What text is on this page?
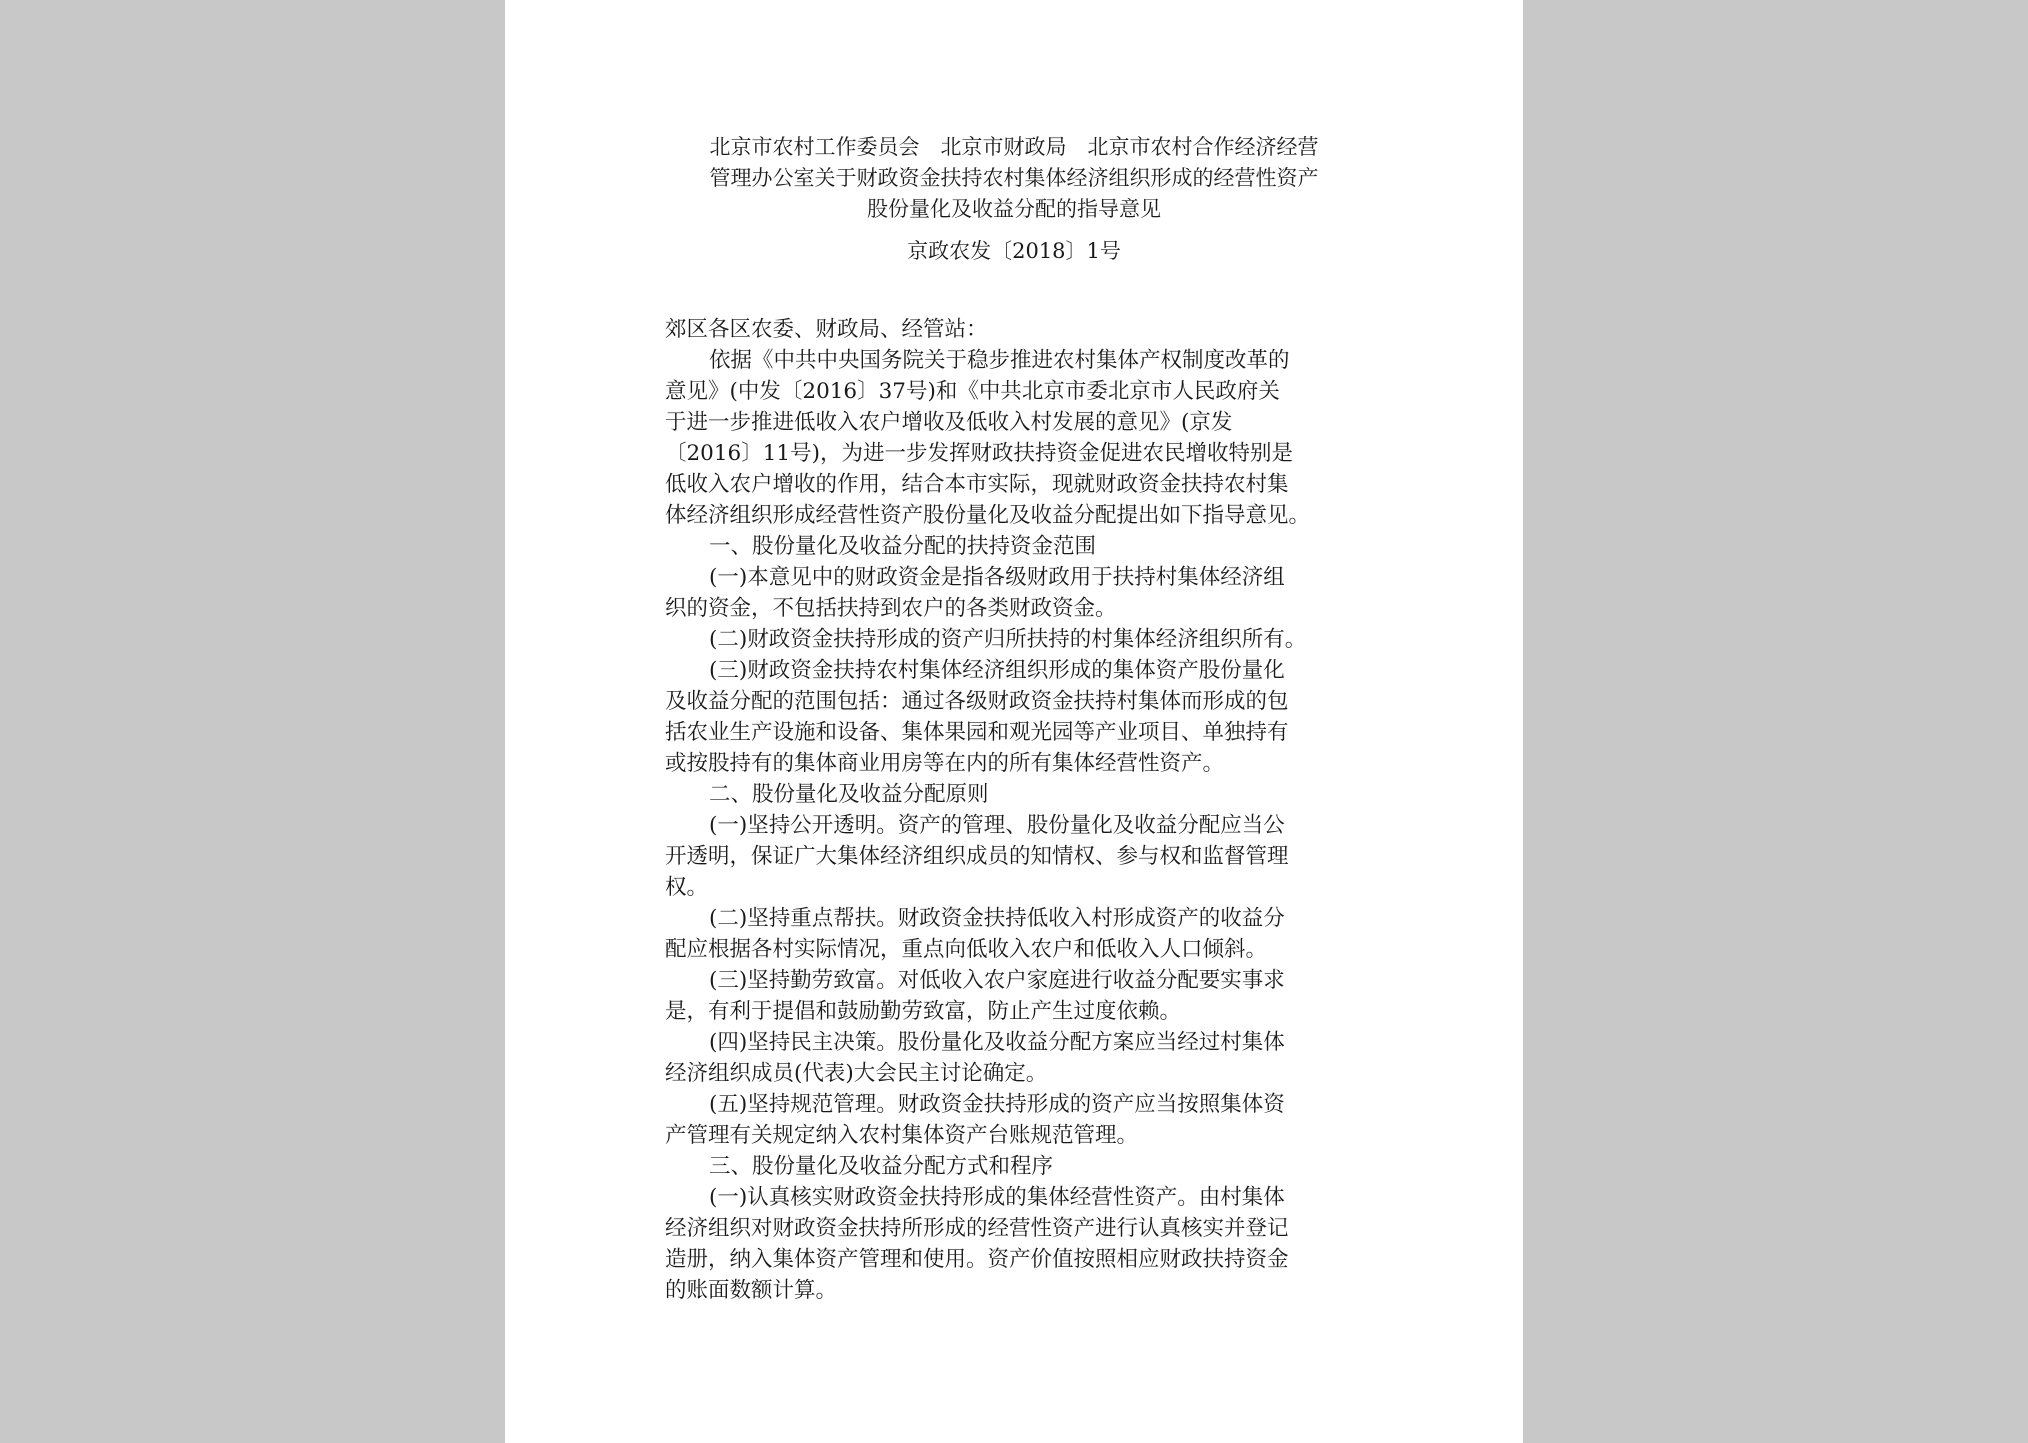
北京市农村工作委员会　北京市财政局　北京市农村合作经济经营
管理办公室关于财政资金扶持农村集体经济组织形成的经营性资产
股份量化及收益分配的指导意见
京政农发〔2018〕1号
郊区各区农委、财政局、经管站：
依据《中共中央国务院关于稳步推进农村集体产权制度改革的
意见》(中发〔2016〕37号)和《中共北京市委北京市人民政府关
于进一步推进低收入农户增收及低收入村发展的意见》(京发
〔2016〕11号)，为进一步发挥财政扶持资金促进农民增收特别是
低收入农户增收的作用，结合本市实际，现就财政资金扶持农村集
体经济组织形成经营性资产股份量化及收益分配提出如下指导意见。
一、股份量化及收益分配的扶持资金范围
(一)本意见中的财政资金是指各级财政用于扶持村集体经济组
织的资金，不包括扶持到农户的各类财政资金。
(二)财政资金扶持形成的资产归所扶持的村集体经济组织所有。
(三)财政资金扶持农村集体经济组织形成的集体资产股份量化
及收益分配的范围包括：通过各级财政资金扶持村集体而形成的包
括农业生产设施和设备、集体果园和观光园等产业项目、单独持有
或按股持有的集体商业用房等在内的所有集体经营性资产。
二、股份量化及收益分配原则
(一)坚持公开透明。资产的管理、股份量化及收益分配应当公
开透明，保证广大集体经济组织成员的知情权、参与权和监督管理
权。
(二)坚持重点帮扶。财政资金扶持低收入村形成资产的收益分
配应根据各村实际情况，重点向低收入农户和低收入人口倾斜。
(三)坚持勤劳致富。对低收入农户家庭进行收益分配要实事求
是，有利于提倡和鼓励勤劳致富，防止产生过度依赖。
(四)坚持民主决策。股份量化及收益分配方案应当经过村集体
经济组织成员(代表)大会民主讨论确定。
(五)坚持规范管理。财政资金扶持形成的资产应当按照集体资
产管理有关规定纳入农村集体资产台账规范管理。
三、股份量化及收益分配方式和程序
(一)认真核实财政资金扶持形成的集体经营性资产。由村集体
经济组织对财政资金扶持所形成的经营性资产进行认真核实并登记
造册，纳入集体资产管理和使用。资产价值按照相应财政扶持资金
的账面数额计算。
